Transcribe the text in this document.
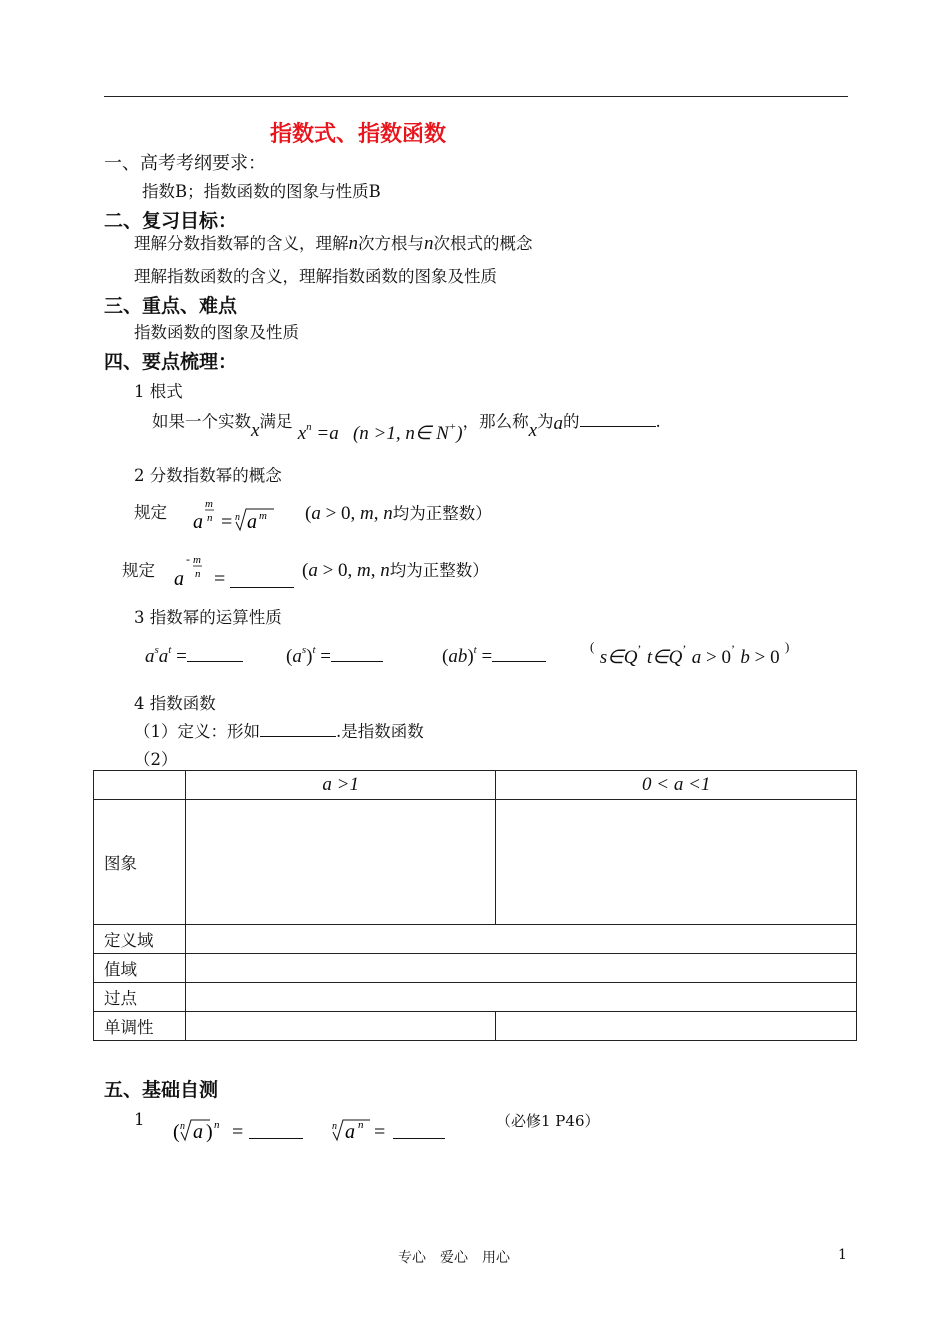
指数式、指数函数
一、高考考纲要求：
指数B；指数函数的图象与性质B
二、复习目标：
理解分数指数幂的含义，理解n次方根与n次根式的概念
理解指数函数的含义，理解指数函数的图象及性质
三、重点、难点
指数函数的图象及性质
四、要点梳理：
1 根式
如果一个实数x满足 $x^n =a$   (n >1, n∈ N+)，那么称x为a的	.
2 分数指数幂的概念
规定 a
m
n = n a m (a > 0, m, n均为正整数）
规定 a
- m
n =	(a > 0, m, n均为正整数）
3 指数幂的运算性质
$a^sa^t$ =	$(a^s)^t$ =	(ab)$^t$ =	( s∈Q’ t∈Q’ a > 0’ b > 0 )
4 指数函数
（1）定义：形如	.是指数函数
（2）
	a >1	0 < a <1
图象		
定义域		
值域		
过点		
单调性		
五、基础自测
1
( n a ) n =	n a n =	（必修1 P46）
专心　爱心　用心	1
